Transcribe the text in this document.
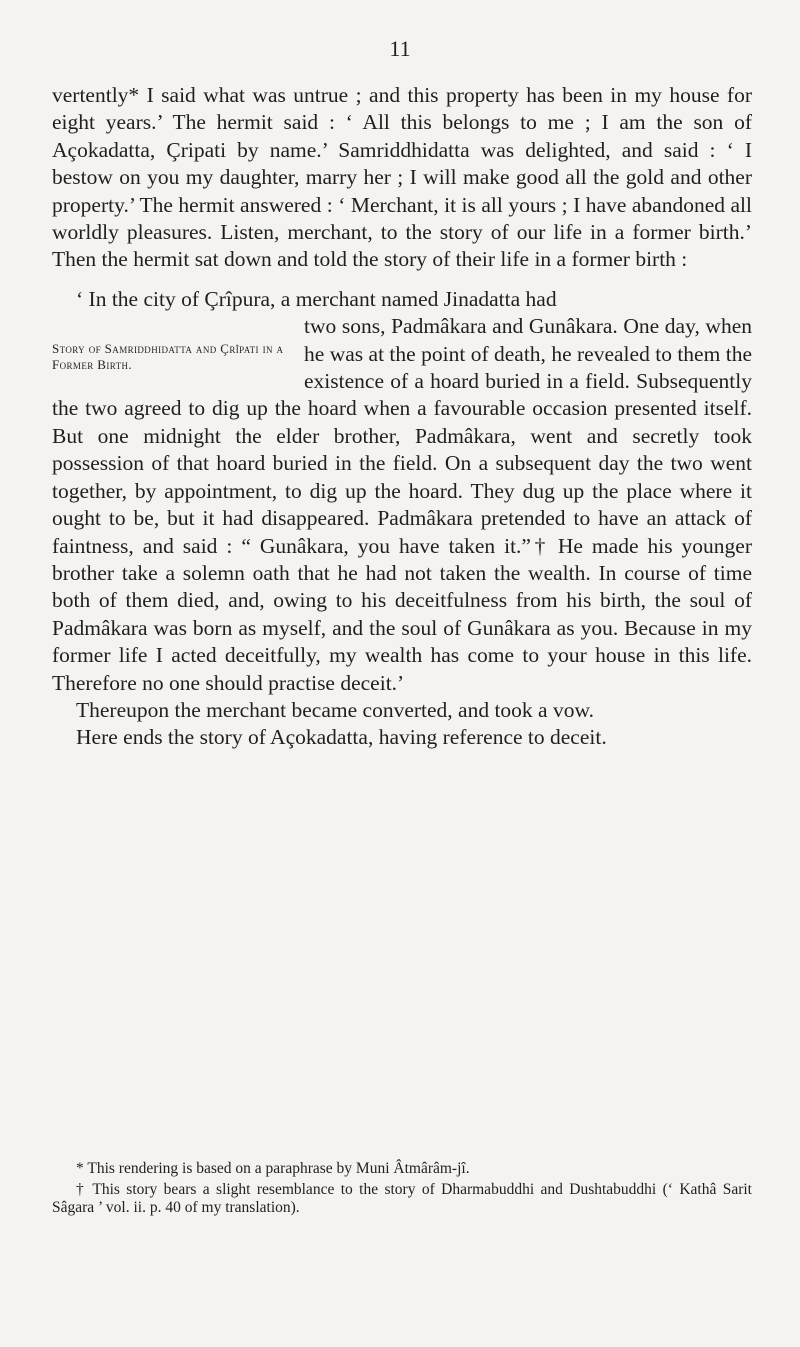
11

vertently* I said what was untrue ; and this property has been in my house for eight years.’ The hermit said : ‘ All this belongs to me ; I am the son of Açokadatta, Çripati by name.’ Samriddhidatta was delighted, and said : ‘ I bestow on you my daughter, marry her ; I will make good all the gold and other property.’ The hermit answered : ‘ Merchant, it is all yours ; I have abandoned all worldly pleasures. Listen, merchant, to the story of our life in a former birth.’ Then the hermit sat down and told the story of their life in a former birth :

‘ In the city of Çrîpura, a merchant named Jinadatta had

Story of Samriddhidatta and Çrîpati in a Former Birth.

two sons, Padmâkara and Gunâkara. One day, when he was at the point of death, he revealed to them the existence of a hoard buried in a field. Subsequently the two agreed to dig up the hoard when a favourable occasion presented itself. But one midnight the elder brother, Padmâkara, went and secretly took possession of that hoard buried in the field. On a subsequent day the two went together, by appointment, to dig up the hoard. They dug up the place where it ought to be, but it had disappeared. Padmâkara pretended to have an attack of faintness, and said : “ Gunâkara, you have taken it.”† He made his younger brother take a solemn oath that he had not taken the wealth. In course of time both of them died, and, owing to his deceitfulness from his birth, the soul of Padmâkara was born as myself, and the soul of Gunâkara as you. Because in my former life I acted deceitfully, my wealth has come to your house in this life. Therefore no one should practise deceit.’

Thereupon the merchant became converted, and took a vow.

Here ends the story of Açokadatta, having reference to deceit.

* This rendering is based on a paraphrase by Muni Âtmârâm-jî.

† This story bears a slight resemblance to the story of Dharmabuddhi and Dushtabuddhi (‘ Kathâ Sarit Sâgara ’ vol. ii. p. 40 of my translation).
